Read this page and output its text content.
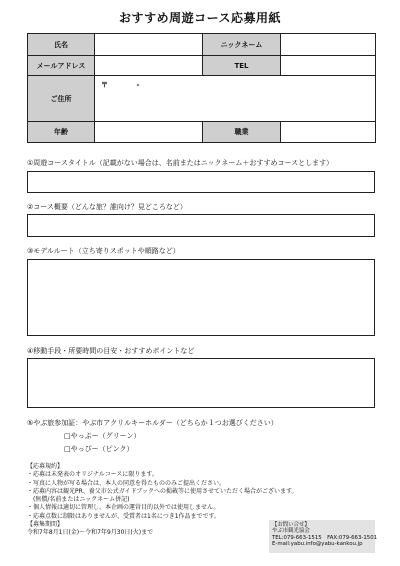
おすすめ周遊コース応募用紙
氏名		ニックネーム	
メールアドレス		TEL	
ご住所	〒 -		
年齢		職業	
①周遊コースタイトル（記載がない場合は、名前またはニックネーム＋おすすめコースとします）
②コース概要（どんな旅？誰向け？見どころなど）
③モデルルート（立ち寄りスポットや順路など）
④移動手段・所要時間の目安・おすすめポイントなど
⑤やぶ旅参加証：やぶ市アクリルキーホルダー（どちらか１つお選びください）
□やっぷー（グリーン）
□やっぴー（ピンク）
【応募規約】
・応募は未発表のオリジナルコースに限ります。
・写真に人物が写る場合は、本人の同意を得たもののみご提出ください。
・応募内容は観光PR、養父市公式ガイドブックへの掲載等に使用させていただく場合がございます。
　(無償/名前またはニックネーム併記)
・個人情報は適切に管理し、本企画の運営目的以外では使用しません。
・応募点数に制限はありませんが、受賞者は1名につき1作品までです。
【募集期間】
令和7年8月1日(金)～令和7年9月30日(火)まで
【お問い合せ】
やぶ市観光協会
TEL:079-663-1515　FAX:079-663-1501
E-mail:yabu.info@yabu-kankou.jp
